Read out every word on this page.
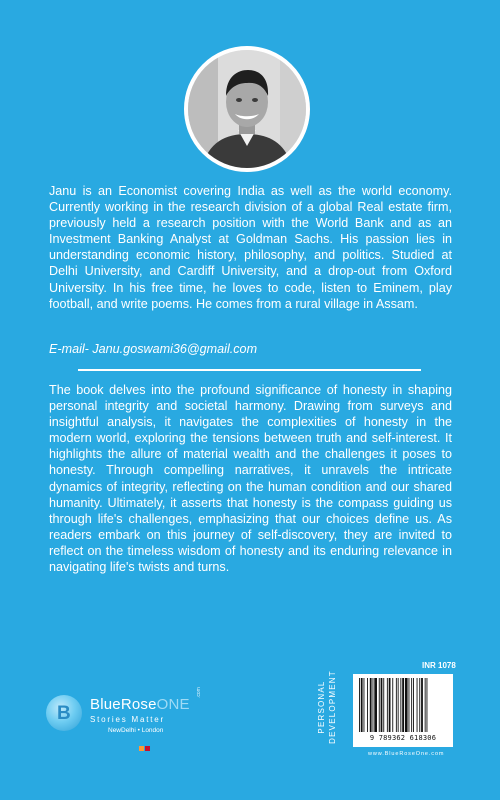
Janu is an Economist covering India as well as the world economy. Currently working in the research division of a global Real estate firm, previously held a research position with the World Bank and as an Investment Banking Analyst at Goldman Sachs. His passion lies in understanding economic history, philosophy, and politics. Studied at Delhi University, and Cardiff University, and a drop-out from Oxford University. In his free time, he loves to code, listen to Eminem, play football, and write poems. He comes from a rural village in Assam.

E-mail- Janu.goswami36@gmail.com

The book delves into the profound significance of honesty in shaping personal integrity and societal harmony. Drawing from surveys and insightful analysis, it navigates the complexities of honesty in the modern world, exploring the tensions between truth and self-interest. It highlights the allure of material wealth and the challenges it poses to honesty. Through compelling narratives, it unravels the intricate dynamics of integrity, reflecting on the human condition and our shared humanity. Ultimately, it asserts that honesty is the compass guiding us through life's challenges, emphasizing that our choices define us. As readers embark on this journey of self-discovery, they are invited to reflect on the timeless wisdom of honesty and its enduring relevance in navigating life's twists and turns.

B BlueRoseONE

.com

Stories Matter

NewDelhi • London

INR 1078

PERSONAL DEVELOPMENT	9 789362 618306

www.BlueRoseOne.com
